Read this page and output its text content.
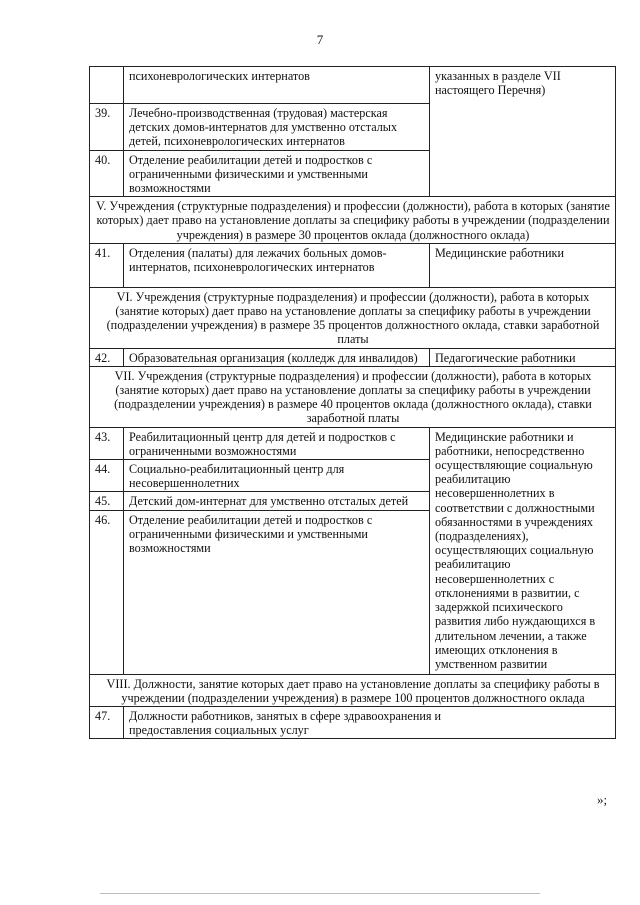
7
	психоневрологических интернатов	указанных в разделе VII настоящего Перечня)
39.	Лечебно-производственная (трудовая) мастерская детских домов-интернатов для умственно отсталых детей, психоневрологических интернатов	
40.	Отделение реабилитации детей и подростков с ограниченными физическими и умственными возможностями	
V. Учреждения (структурные подразделения) и профессии (должности), работа в которых (занятие которых) дает право на установление доплаты за специфику работы в учреждении (подразделении учреждения) в размере 30 процентов оклада (должностного оклада)		
41.	Отделения (палаты) для лежачих больных домов-интернатов, психоневрологических интернатов	Медицинские работники
VI. Учреждения (структурные подразделения) и профессии (должности), работа в которых (занятие которых) дает право на установление доплаты за специфику работы в учреждении (подразделении учреждения) в размере 35 процентов должностного оклада, ставки заработной платы		
42.	Образовательная организация (колледж для инвалидов)	Педагогические работники
VII. Учреждения (структурные подразделения) и профессии (должности), работа в которых (занятие которых) дает право на установление доплаты за специфику работы в учреждении (подразделении учреждения) в размере 40 процентов оклада (должностного оклада), ставки заработной платы		
43.	Реабилитационный центр для детей и подростков с ограниченными возможностями	Медицинские работники и работники, непосредственно осуществляющие социальную реабилитацию несовершеннолетних в соответствии с должностными обязанностями в учреждениях (подразделениях), осуществляющих социальную реабилитацию несовершеннолетних с отклонениями в развитии, с задержкой психического развития либо нуждающихся в длительном лечении, а также имеющих отклонения в умственном развитии
44.	Социально-реабилитационный центр для несовершеннолетних	
45.	Детский дом-интернат для умственно отсталых детей	
46.	Отделение реабилитации детей и подростков с ограниченными физическими и умственными возможностями	
VIII. Должности, занятие которых дает право на установление доплаты за специфику работы в учреждении (подразделении учреждения) в размере 100 процентов должностного оклада		
47.	Должности работников, занятых в сфере здравоохранения и предоставления социальных услуг	
»;
